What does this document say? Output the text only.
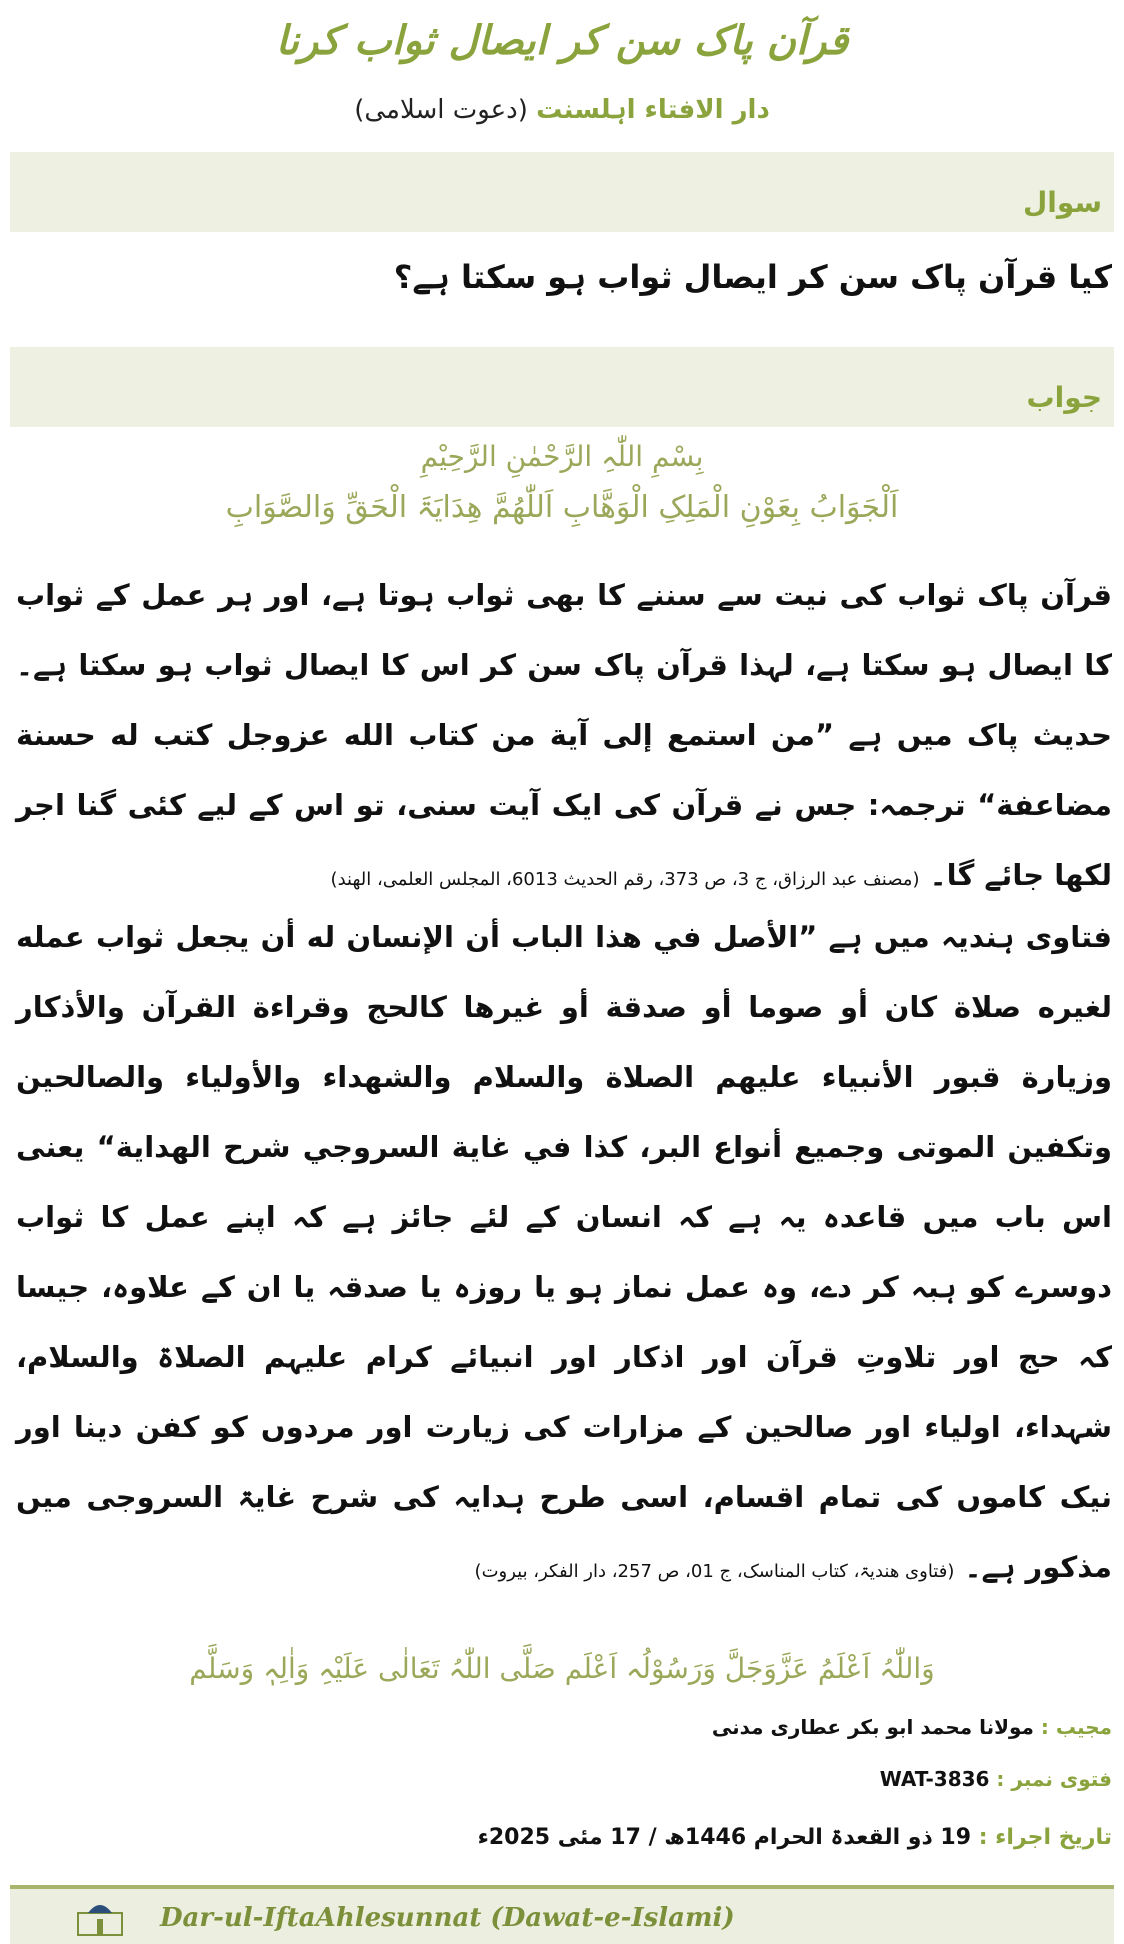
قرآن پاک سن کر ایصال ثواب کرنا
دار الافتاء اہلسنت (دعوت اسلامی)
سوال
کیا قرآن پاک سن کر ایصال ثواب ہو سکتا ہے؟
جواب
بِسْمِ اللّٰہِ الرَّحْمٰنِ الرَّحِیْمِ
اَلْجَوَابُ بِعَوْنِ الْمَلِکِ الْوَھَّابِ اَللّٰھُمَّ ھِدَایَۃَ الْحَقِّ وَالصَّوَابِ
قرآن پاک ثواب کی نیت سے سننے کا بھی ثواب ہوتا ہے، اور ہر عمل کے ثواب کا ایصال ہو سکتا ہے، لہذا قرآن پاک سن کر اس کا ایصال ثواب ہو سکتا ہے۔ حدیث پاک میں ہے ”من استمع إلى آیة من کتاب الله عزوجل کتب له حسنة مضاعفة“ ترجمہ: جس نے قرآن کی ایک آیت سنی، تو اس کے لیے کئی گنا اجر لکھا جائے گا۔ (مصنف عبد الرزاق، ج 3، ص 373، رقم الحدیث 6013، المجلس العلمی، الھند)
فتاوی ہندیہ میں ہے ”الأصل في هذا الباب أن الإنسان له أن يجعل ثواب عمله لغيره صلاة كان أو صوما أو صدقة أو غيرها كالحج وقراءة القرآن والأذكار وزيارة قبور الأنبياء عليهم الصلاة والسلام والشهداء والأولياء والصالحين وتكفين الموتى وجميع أنواع البر، كذا في غاية السروجي شرح الهداية“ یعنی اس باب میں قاعدہ یہ ہے کہ انسان کے لئے جائز ہے کہ اپنے عمل کا ثواب دوسرے کو ہبہ کر دے، وہ عمل نماز ہو یا روزہ یا صدقہ یا ان کے علاوہ، جیسا کہ حج اور تلاوتِ قرآن اور اذکار اور انبیائے کرام علیہم الصلاۃ والسلام، شہداء، اولیاء اور صالحین کے مزارات کی زیارت اور مردوں کو کفن دینا اور نیک کاموں کی تمام اقسام، اسی طرح ہدایہ کی شرح غایۃ السروجی میں مذکور ہے۔ (فتاوی ھندیۃ، کتاب المناسک، ج 01، ص 257، دار الفکر، بیروت)
وَاللّٰہُ اَعْلَمُ عَزَّوَجَلَّ وَرَسُوْلُہ اَعْلَم صَلَّی اللّٰہُ تَعَالٰی عَلَیْہِ وَاٰلِہٖ وَسَلَّم
مجیب : مولانا محمد ابو بکر عطاری مدنی
فتوی نمبر : WAT-3836
تاریخ اجراء : 19 ذو القعدۃ الحرام 1446ھ / 17 مئی 2025ء
Dar-ul-IftaAhlesunnat (Dawat-e-Islami)
